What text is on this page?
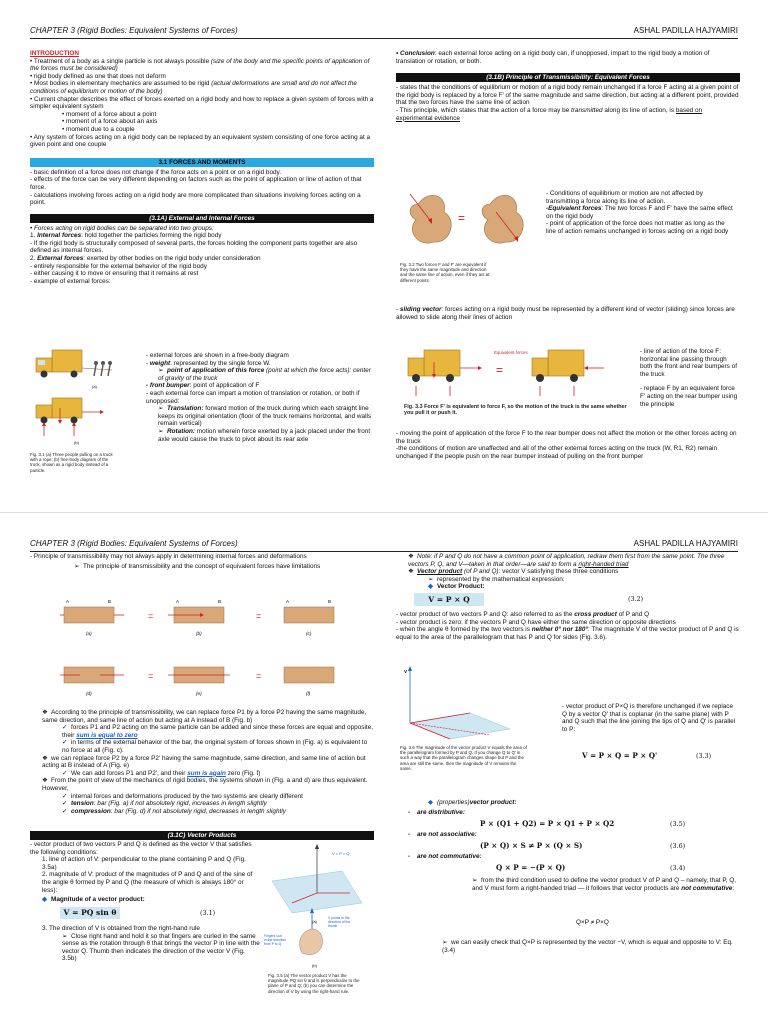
CHAPTER 3 (Rigid Bodies: Equivalent Systems of Forces)	ASHAL PADILLA HAJYAMIRI

INTRODUCTION

• Treatment of a body as a single particle is not always possible (size of the body and the specific points of application of the forces must be considered)

• rigid body defined as one that does not deform

• Most bodies in elementary mechanics are assumed to be rigid (actual deformations are small and do not affect the conditions of equilibrium or motion of the body)

• Current chapter describes the effect of forces exerted on a rigid body and how to replace a given system of forces with a simpler equivalent system

• moment of a force about a point

• moment of a force about an axis

• moment due to a couple

• Any system of forces acting on a rigid body can be replaced by an equivalent system consisting of one force acting at a given point and one couple

3.1 FORCES AND MOMENTS

- basic definition of a force does not change if the force acts on a point or on a rigid body.

- effects of the force can be very different depending on factors such as the point of application or line of action of that force.

- calculations involving forces acting on a rigid body are more complicated than situations involving forces acting on a point.

(3.1A) External and Internal Forces

• Forces acting on rigid bodies can be separated into two groups:

1. Internal forces: hold together the particles forming the rigid body

- If the rigid body is structurally composed of several parts, the forces holding the component parts together are also defined as internal forces.

2. External forces: exerted by other bodies on the rigid body under consideration

- entirely responsible for the external behavior of the rigid body

- either causing it to move or ensuring that it remains at rest

- example of external forces:

(a)
(b)
Fig. 3.1 (a) Three people pulling on a truck with a rope; (b) free-body diagram of the truck, shown as a rigid body instead of a particle.

- external forces are shown in a free-body diagram

- weight: represented by the single force W.

➢ point of application of this force (point at which the force acts): center of gravity of the truck

- front bumper: point of application of F

- each external force can impart a motion of translation or rotation, or both if unopposed:

➢ Translation: forward motion of the truck during which each straight line keeps its original orientation (floor of the truck remains horizontal, and walls remain vertical)

➢ Rotation: motion wherein force exerted by a jack placed under the front axle would cause the truck to pivot about its rear axle

• Conclusion: each external force acting on a rigid body can, if unopposed, impart to the rigid body a motion of translation or rotation, or both.

(3.1B) Principle of Transmissibility: Equivalent Forces

- states that the conditions of equilibrium or motion of a rigid body remain unchanged if a force F acting at a given point of the rigid body is replaced by a force F' of the same magnitude and same direction, but acting at a different point, provided that the two forces have the same line of action

- This principle, which states that the action of a force may be transmitted along its line of action, is based on experimental evidence

=
Fig. 3.2 Two forces F and F' are equivalent if they have the same magnitude and direction and the same line of action, even if they act at different points.

- Conditions of equilibrium or motion are not affected by transmitting a force along its line of action.

-Equivalent forces: The two forces F and F' have the same effect on the rigid body

- point of application of the force does not matter as long as the line of action remains unchanged in forces acting on a rigid body

- sliding vector: forces acting on a rigid body must be represented by a different kind of vector (sliding) since forces are allowed to slide along their lines of action

=
Equivalent forces
Fig. 3.3 Force F' is equivalent to force F, so the motion of the truck is the same whether you pull it or push it.

- line of action of the force F: horizontal line passing through both the front and rear bumpers of the truck

- replace F by an equivalent force F' acting on the rear bumper using the principle

- moving the point of application of the force F to the rear bumper does not affect the motion or the other forces acting on the truck

-the conditions of motion are unaffected and all of the other external forces acting on the truck (W, R1, R2) remain unchanged if the people push on the rear bumper instead of pulling on the front bumper

CHAPTER 3 (Rigid Bodies: Equivalent Systems of Forces)	ASHAL PADILLA HAJYAMIRI

- Principle of transmissibility may not always apply in determining internal forces and deformations

➢ The principle of transmissibility and the concept of equivalent forces have limitations

=	=
=	=
A	B	A	B	A	B
(a)	(b)	(c)
(d)	(e)	(f)

❖ According to the principle of transmissibility, we can replace force P1 by a force P2 having the same magnitude, same direction, and same line of action but acting at A instead of B (Fig. b)

✓ forces P1 and P2 acting on the same particle can be added and since these forces are equal and opposite, their sum is equal to zero

✓ in terms of the external behavior of the bar, the original system of forces shown in (Fig. a) is equivalent to no force at all (Fig. c).

❖ we can replace force P2 by a force P2' having the same magnitude, same direction, and same line of action but acting at B instead of A (Fig. e)

✓ We can add forces P1 and P2', and their sum is again zero (Fig. f)

❖ From the point of view of the mechanics of rigid bodies, the systems shown in (Fig. a and d) are thus equivalent. However,

✓ internal forces and deformations produced by the two systems are clearly different

✓ tension: bar (Fig. a) if not absolutely rigid, increases in length slightly

✓ compression: bar (Fig. d) if not absolutely rigid, decreases in length slightly

(3.1C) Vector Products

- vector product of two vectors P and Q is defined as the vector V that satisfies the following conditions:

1. line of action of V: perpendicular to the plane containing P and Q (Fig. 3.5a)

2. magnitude of V: product of the magnitudes of P and Q and of the sine of the angle θ formed by P and Q (the measure of which is always 180° or less):

◆ Magnitude of a vector product:

V = PQ sin θ	(3.1)

3. The direction of V is obtained from the right-hand rule

➢ Close right hand and hold it so that fingers are curled in the same sense as the rotation through θ that brings the vector P in line with the vector Q. Thumb then indicates the direction of the vector V (Fig. 3.5b)

V = P × Q
(a)
Fingers curl in the direction from P to Q
V points in the direction of the thumb
(b)
Fig. 3.5 (a) The vector product V has the magnitude PQ sin θ and is perpendicular to the plane of P and Q; (b) you can determine the direction of V by using the right-hand rule.

❖ Note: if P and Q do not have a common point of application, redraw them first from the same point. The three vectors P, Q, and V—taken in that order—are said to form a right-handed triad

❖ Vector product (of P and Q): vector V satisfying these three conditions

➢ represented by the mathematical expression:

◆ Vector Product:

V = P × Q	(3.2)

- vector product of two vectors P and Q: also referred to as the cross product of P and Q

- vector product is zero: if the vectors P and Q have either the same direction or opposite directions

- when the angle θ formed by the two vectors is neither 0° nor 180°: The magnitude V of the vector product of P and Q is equal to the area of the parallelogram that has P and Q for sides (Fig. 3.6).

V
Fig. 3.6 The magnitude of the vector product V equals the area of the parallelogram formed by P and Q. If you change Q to Q' in such a way that the parallelogram changes shape but P and the area are still the same, then the magnitude of V remains the same.

- vector product of P×Q is therefore unchanged if we replace Q by a vector Q' that is coplanar (in the same plane) with P and Q such that the line joining the tips of Q and Q' is parallel to P:

V = P × Q = P × Q'	(3.3)

◆ (properties)vector product:

- are distributive:

P × (Q1 + Q2) = P × Q1 + P × Q2	(3.5)

- are not associative:

(P × Q) × S ≠ P × (Q × S)	(3.6)

- are not commutative:

Q × P = −(P × Q)	(3.4)

➢ from the third condition used to define the vector product V of P and Q – namely, that P, Q, and V must form a right-handed triad — it follows that vector products are not commutative:

Q×P ≠ P×Q

➢ we can easily check that Q×P is represented by the vector −V, which is equal and opposite to V: Eq. (3.4)
